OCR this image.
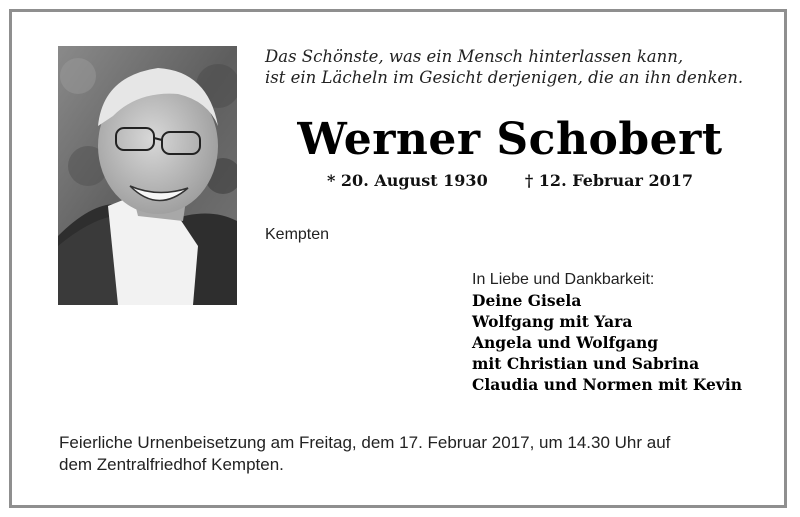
Das Schönste, was ein Mensch hinterlassen kann,
ist ein Lächeln im Gesicht derjenigen, die an ihn denken.
Werner Schobert
* 20. August 1930 † 12. Februar 2017
Kempten
In Liebe und Dankbarkeit:
Deine Gisela
Wolfgang mit Yara
Angela und Wolfgang
mit Christian und Sabrina
Claudia und Normen mit Kevin
Feierliche Urnenbeisetzung am Freitag, dem 17. Februar 2017, um 14.30 Uhr auf
dem Zentralfriedhof Kempten.
